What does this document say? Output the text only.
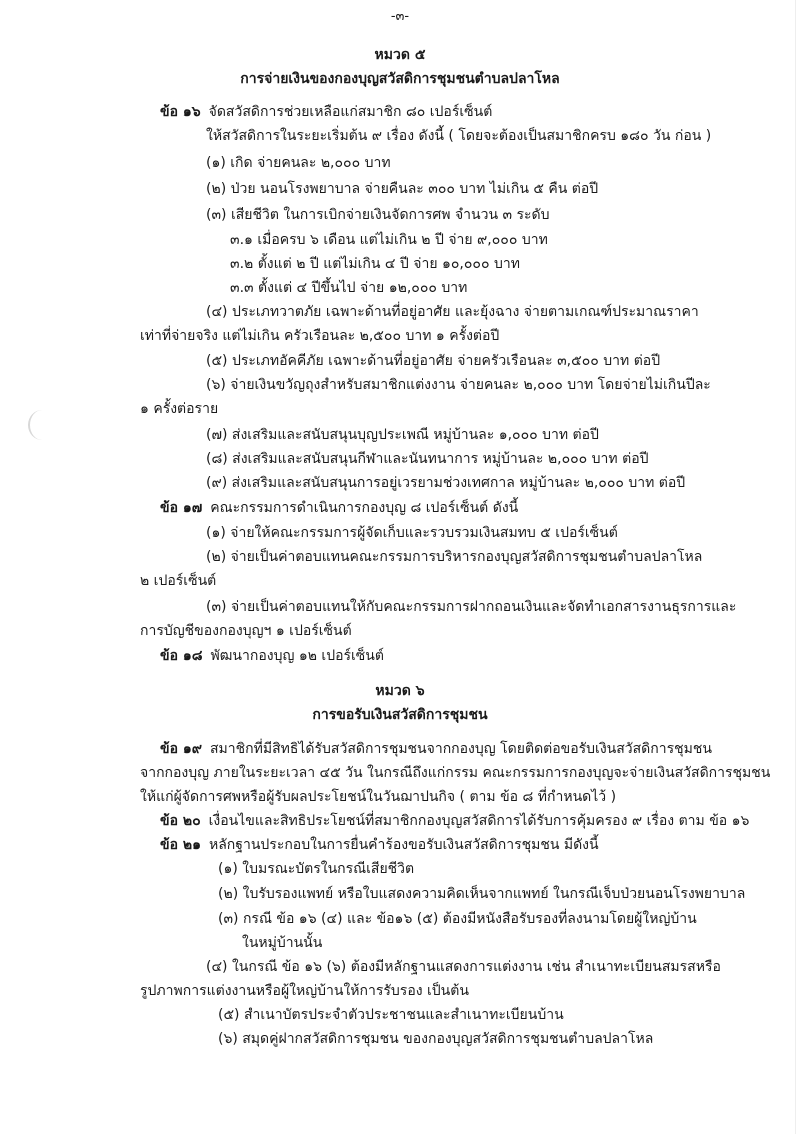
-๓-
หมวด ๕
การจ่ายเงินของกองบุญสวัสดิการชุมชนตำบลปลาโหล
ข้อ ๑๖ จัดสวัสดิการช่วยเหลือแก่สมาชิก ๘๐ เปอร์เซ็นต์
ให้สวัสดิการในระยะเริ่มต้น ๙ เรื่อง ดังนี้ ( โดยจะต้องเป็นสมาชิกครบ ๑๘๐ วัน ก่อน )
(๑) เกิด จ่ายคนละ ๒,๐๐๐ บาท
(๒) ป่วย นอนโรงพยาบาล จ่ายคืนละ ๓๐๐ บาท ไม่เกิน ๕ คืน ต่อปี
(๓) เสียชีวิต ในการเบิกจ่ายเงินจัดการศพ จำนวน ๓ ระดับ
๓.๑ เมื่อครบ ๖ เดือน แต่ไม่เกิน ๒ ปี จ่าย ๙,๐๐๐ บาท
๓.๒ ตั้งแต่ ๒ ปี แต่ไม่เกิน ๔ ปี จ่าย ๑๐,๐๐๐ บาท
๓.๓ ตั้งแต่ ๔ ปีขึ้นไป จ่าย ๑๒,๐๐๐ บาท
(๔) ประเภทวาตภัย เฉพาะด้านที่อยู่อาศัย และยุ้งฉาง จ่ายตามเกณฑ์ประมาณราคา
เท่าที่จ่ายจริง แต่ไม่เกิน ครัวเรือนละ ๒,๕๐๐ บาท ๑ ครั้งต่อปี
(๕) ประเภทอัคคีภัย เฉพาะด้านที่อยู่อาศัย จ่ายครัวเรือนละ ๓,๕๐๐ บาท ต่อปี
(๖) จ่ายเงินขวัญถุงสำหรับสมาชิกแต่งงาน จ่ายคนละ ๒,๐๐๐ บาท โดยจ่ายไม่เกินปีละ
๑ ครั้งต่อราย
(๗) ส่งเสริมและสนับสนุนบุญประเพณี หมู่บ้านละ ๑,๐๐๐ บาท ต่อปี
(๘) ส่งเสริมและสนับสนุนกีฬาและนันทนาการ หมู่บ้านละ ๒,๐๐๐ บาท ต่อปี
(๙) ส่งเสริมและสนับสนุนการอยู่เวรยามช่วงเทศกาล หมู่บ้านละ ๒,๐๐๐ บาท ต่อปี
ข้อ ๑๗ คณะกรรมการดำเนินการกองบุญ ๘ เปอร์เซ็นต์ ดังนี้
(๑) จ่ายให้คณะกรรมการผู้จัดเก็บและรวบรวมเงินสมทบ ๕ เปอร์เซ็นต์
(๒) จ่ายเป็นค่าตอบแทนคณะกรรมการบริหารกองบุญสวัสดิการชุมชนตำบลปลาโหล
๒ เปอร์เซ็นต์
(๓) จ่ายเป็นค่าตอบแทนให้กับคณะกรรมการฝากถอนเงินและจัดทำเอกสารงานธุรการและ
การบัญชีของกองบุญฯ ๑ เปอร์เซ็นต์
ข้อ ๑๘ พัฒนากองบุญ ๑๒ เปอร์เซ็นต์
หมวด ๖
การขอรับเงินสวัสดิการชุมชน
ข้อ ๑๙ สมาชิกที่มีสิทธิได้รับสวัสดิการชุมชนจากกองบุญ โดยติดต่อขอรับเงินสวัสดิการชุมชน
จากกองบุญ ภายในระยะเวลา ๔๕ วัน ในกรณีถึงแก่กรรม คณะกรรมการกองบุญจะจ่ายเงินสวัสดิการชุมชน
ให้แก่ผู้จัดการศพหรือผู้รับผลประโยชน์ในวันฌาปนกิจ ( ตาม ข้อ ๘ ที่กำหนดไว้ )
ข้อ ๒๐ เงื่อนไขและสิทธิประโยชน์ที่สมาชิกกองบุญสวัสดิการได้รับการคุ้มครอง ๙ เรื่อง ตาม ข้อ ๑๖
ข้อ ๒๑ หลักฐานประกอบในการยื่นคำร้องขอรับเงินสวัสดิการชุมชน มีดังนี้
(๑) ใบมรณะบัตรในกรณีเสียชีวิต
(๒) ใบรับรองแพทย์ หรือใบแสดงความคิดเห็นจากแพทย์ ในกรณีเจ็บป่วยนอนโรงพยาบาล
(๓) กรณี ข้อ ๑๖ (๔) และ ข้อ๑๖ (๕) ต้องมีหนังสือรับรองที่ลงนามโดยผู้ใหญ่บ้าน
ในหมู่บ้านนั้น
(๔) ในกรณี ข้อ ๑๖ (๖) ต้องมีหลักฐานแสดงการแต่งงาน เช่น สำเนาทะเบียนสมรสหรือ
รูปภาพการแต่งงานหรือผู้ใหญ่บ้านให้การรับรอง เป็นต้น
(๕) สำเนาบัตรประจำตัวประชาชนและสำเนาทะเบียนบ้าน
(๖) สมุดคู่ฝากสวัสดิการชุมชน ของกองบุญสวัสดิการชุมชนตำบลปลาโหล
